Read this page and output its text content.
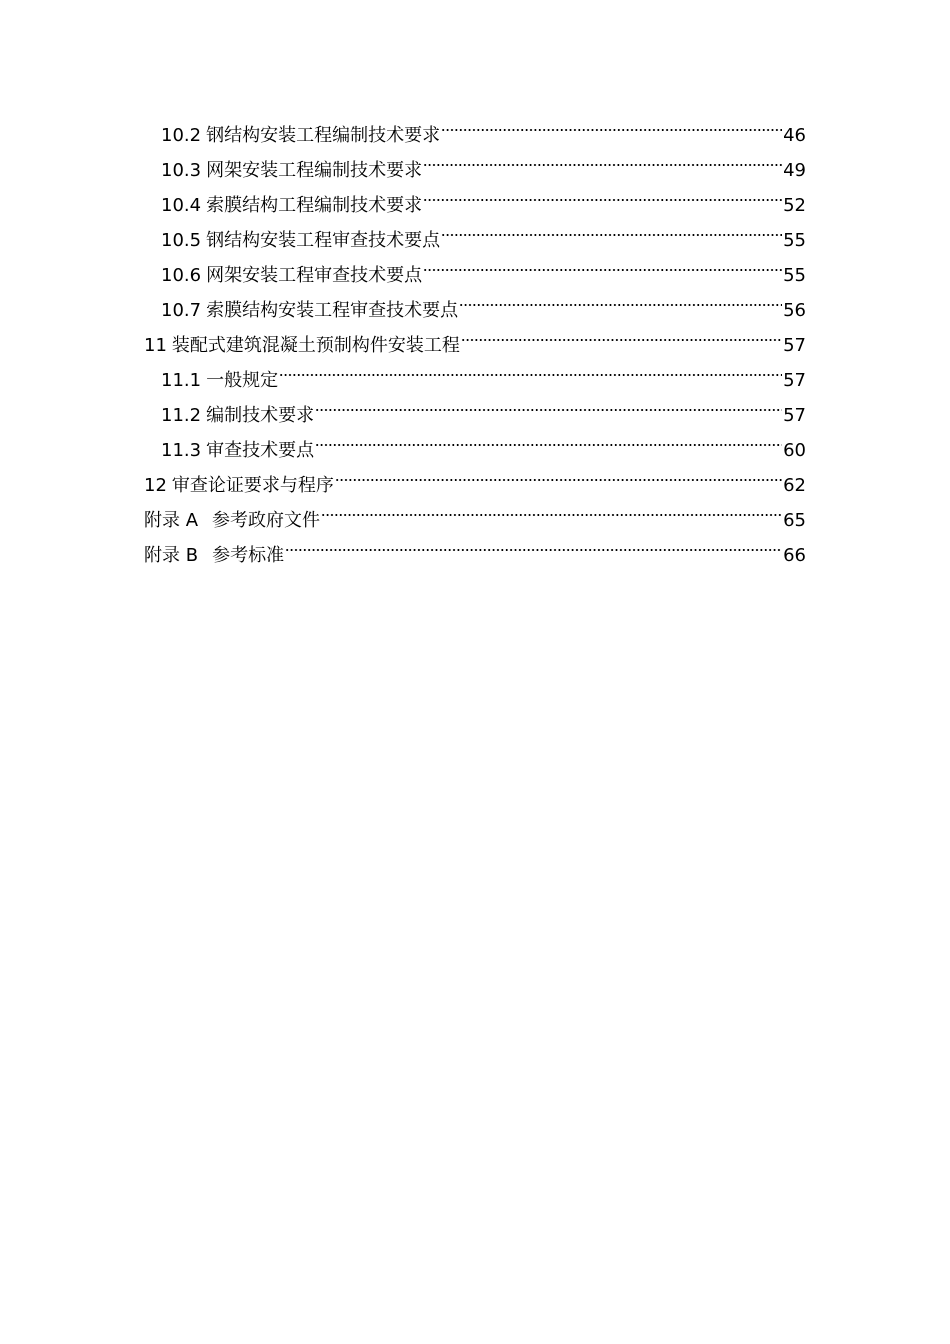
10.2 钢结构安装工程编制技术要求	46
10.3 网架安装工程编制技术要求	49
10.4 索膜结构工程编制技术要求	52
10.5 钢结构安装工程审查技术要点	55
10.6 网架安装工程审查技术要点	55
10.7 索膜结构安装工程审查技术要点	56
11 装配式建筑混凝土预制构件安装工程	57
11.1 一般规定	57
11.2 编制技术要求	57
11.3 审查技术要点	60
12 审查论证要求与程序	62
附录 A 参考政府文件	65
附录 B 参考标准	66
